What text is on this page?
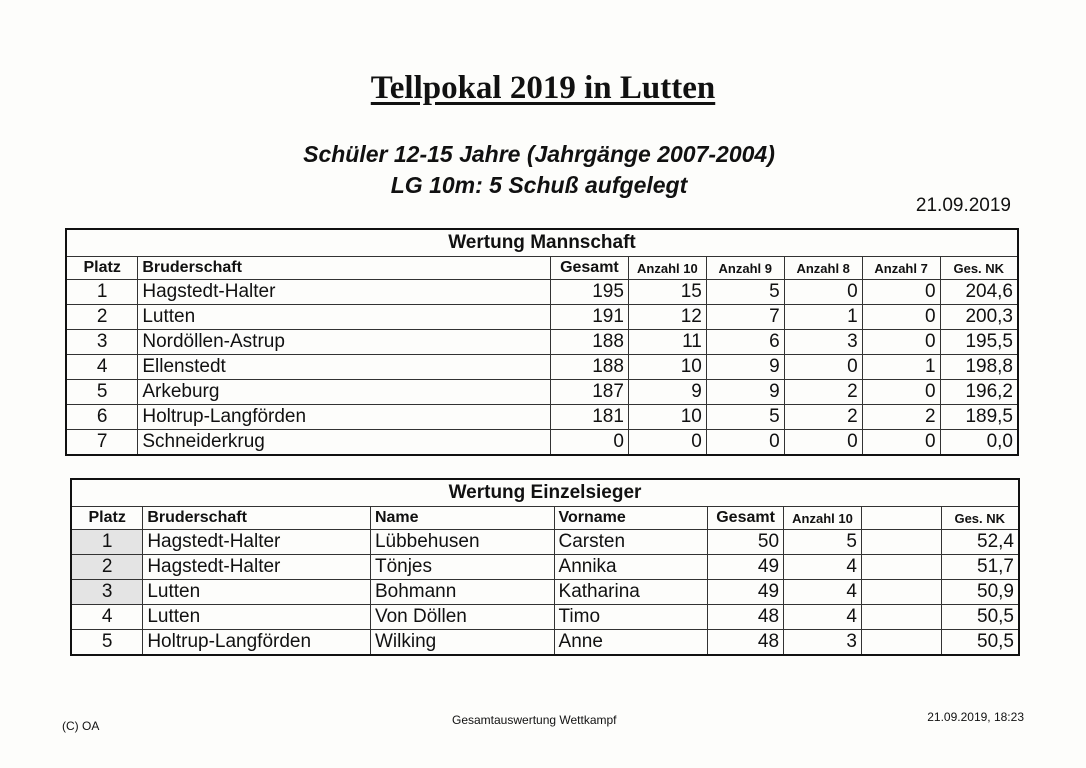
Tellpokal 2019 in Lutten
Schüler 12-15 Jahre (Jahrgänge 2007-2004)
LG 10m: 5 Schuß aufgelegt
21.09.2019
Wertung Mannschaft							
Platz	Bruderschaft	Gesamt	Anzahl 10	Anzahl 9	Anzahl 8	Anzahl 7	Ges. NK
1	Hagstedt-Halter	195	15	5	0	0	204,6
2	Lutten	191	12	7	1	0	200,3
3	Nordöllen-Astrup	188	11	6	3	0	195,5
4	Ellenstedt	188	10	9	0	1	198,8
5	Arkeburg	187	9	9	2	0	196,2
6	Holtrup-Langförden	181	10	5	2	2	189,5
7	Schneiderkrug	0	0	0	0	0	0,0
Wertung Einzelsieger							
Platz	Bruderschaft	Name	Vorname	Gesamt	Anzahl 10		Ges. NK
1	Hagstedt-Halter	Lübbehusen	Carsten	50	5		52,4
2	Hagstedt-Halter	Tönjes	Annika	49	4		51,7
3	Lutten	Bohmann	Katharina	49	4		50,9
4	Lutten	Von Döllen	Timo	48	4		50,5
5	Holtrup-Langförden	Wilking	Anne	48	3		50,5
(C) OA	Gesamtauswertung Wettkampf	21.09.2019, 18:23
